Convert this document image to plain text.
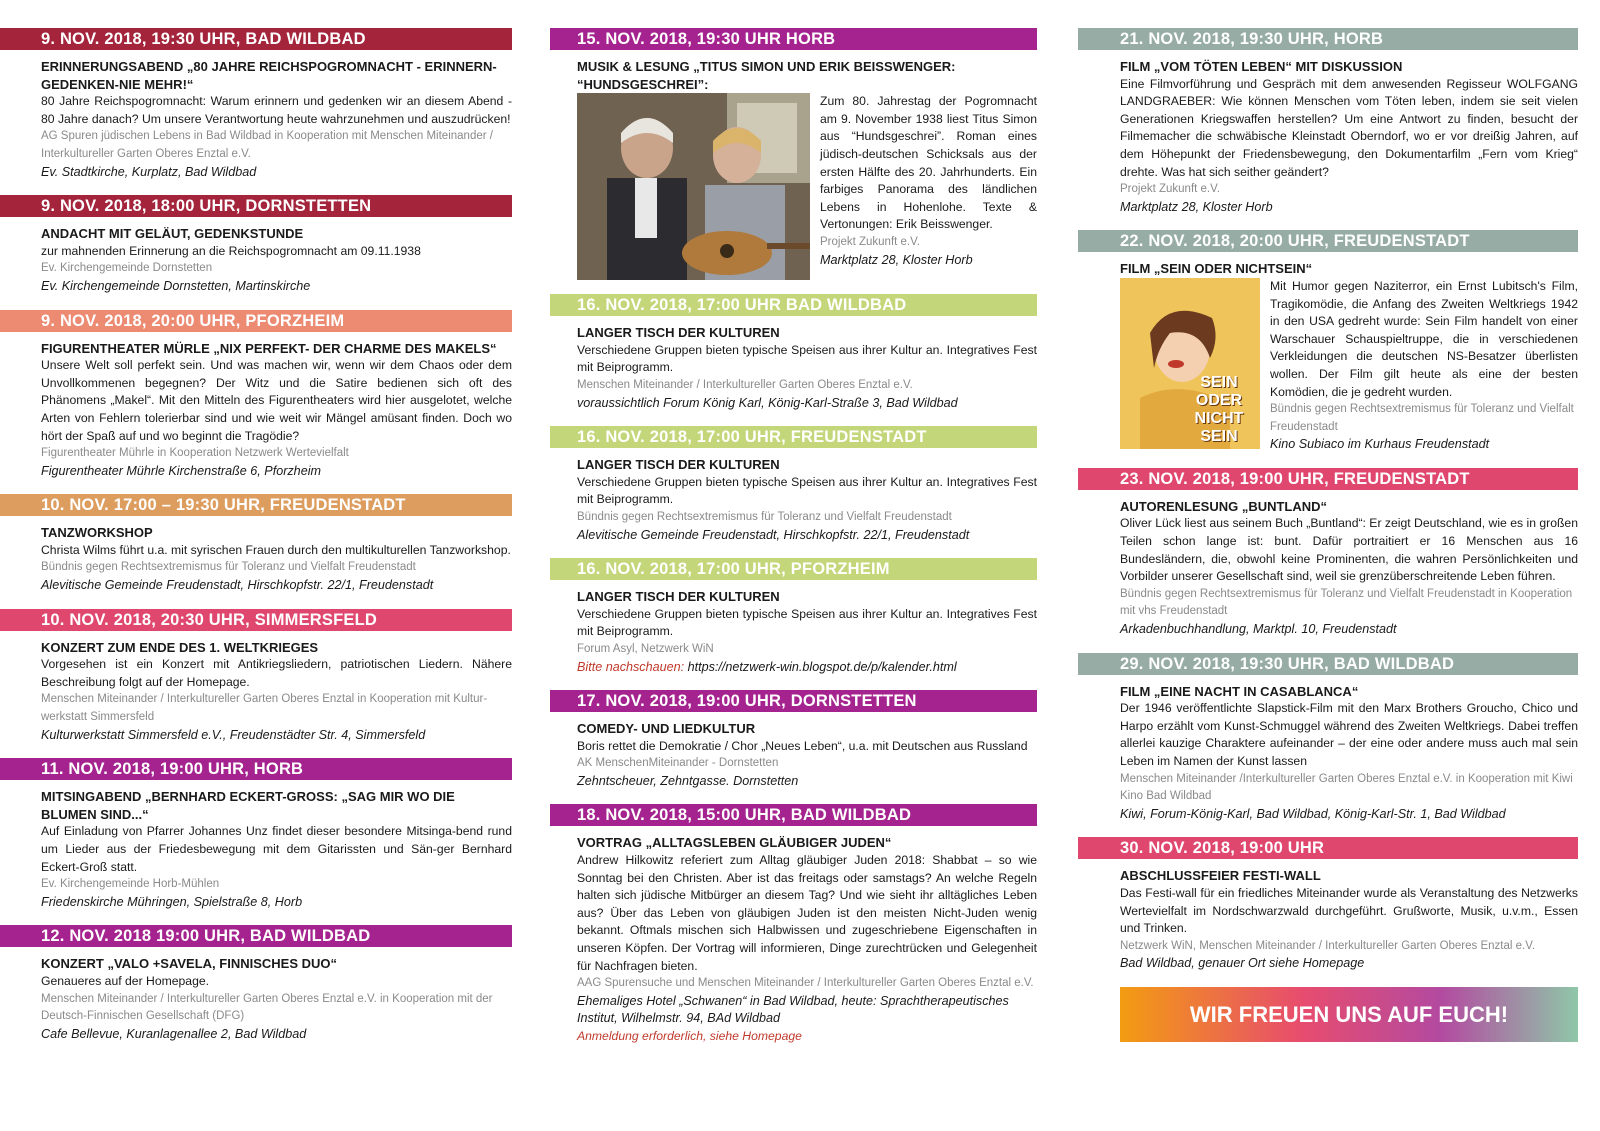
9. NOV. 2018, 19:30 UHR, BAD WILDBAD
ERINNERUNGSABEND „80 JAHRE REICHSPOGROMNACHT - ERINNERN-GEDENKEN-NIE MEHR!“
80 Jahre Reichspogromnacht: Warum erinnern und gedenken wir an diesem Abend - 80 Jahre danach? Um unsere Verantwortung heute wahrzunehmen und auszudrücken!
AG Spuren jüdischen Lebens in Bad Wildbad in Kooperation mit Menschen Miteinander / Interkultureller Garten Oberes Enztal e.V.
Ev. Stadtkirche, Kurplatz, Bad Wildbad
9. NOV. 2018, 18:00 UHR, DORNSTETTEN
ANDACHT MIT GELÄUT, GEDENKSTUNDE
zur mahnenden Erinnerung an die Reichspogromnacht am 09.11.1938
Ev. Kirchengemeinde Dornstetten
Ev. Kirchengemeinde Dornstetten, Martinskirche
9. NOV. 2018, 20:00 UHR, PFORZHEIM
FIGURENTHEATER MÜRLE „NIX PERFEKT- DER CHARME DES MAKELS“
Unsere Welt soll perfekt sein. Und was machen wir, wenn wir dem Chaos oder dem Unvollkommenen begegnen? Der Witz und die Satire bedienen sich oft des Phänomens „Makel“. Mit den Mitteln des Figurentheaters wird hier ausgelotet, welche Arten von Fehlern tolerierbar sind und wie weit wir Mängel amüsant finden. Doch wo hört der Spaß auf und wo beginnt die Tragödie?
Figurentheater Mührle in Kooperation Netzwerk Wertevielfalt
Figurentheater Mührle Kirchenstraße 6, Pforzheim
10. NOV. 17:00 – 19:30 UHR, FREUDENSTADT
TANZWORKSHOP
Christa Wilms führt u.a. mit syrischen Frauen durch den multikulturellen Tanzworkshop.
Bündnis gegen Rechtsextremismus für Toleranz und Vielfalt Freudenstadt
Alevitische Gemeinde Freudenstadt, Hirschkopfstr. 22/1, Freudenstadt
10. NOV. 2018, 20:30 UHR, SIMMERSFELD
KONZERT ZUM ENDE DES 1. WELTKRIEGES
Vorgesehen ist ein Konzert mit Antikriegsliedern, patriotischen Liedern. Nähere Beschreibung folgt auf der Homepage.
Menschen Miteinander / Interkultureller Garten Oberes Enztal in Kooperation mit Kultur-werkstatt Simmersfeld
Kulturwerkstatt Simmersfeld e.V., Freudenstädter Str. 4, Simmersfeld
11. NOV. 2018, 19:00 UHR, HORB
MITSINGABEND „BERNHARD ECKERT-GROSS: „SAG MIR WO DIE BLUMEN SIND...“
Auf Einladung von Pfarrer Johannes Unz findet dieser besondere Mitsinga-bend rund um Lieder aus der Friedesbewegung mit dem Gitarissten und Sän-ger Bernhard Eckert-Groß statt.
Ev. Kirchengemeinde Horb-Mühlen
Friedenskirche Mühringen, Spielstraße 8, Horb
12. NOV. 2018 19:00 UHR, BAD WILDBAD
KONZERT „VALO +SAVELA, FINNISCHES DUO“
Genaueres auf der Homepage.
Menschen Miteinander / Interkultureller Garten Oberes Enztal e.V. in Kooperation mit der Deutsch-Finnischen Gesellschaft (DFG)
Cafe Bellevue, Kuranlagenallee 2, Bad Wildbad
15. NOV. 2018, 19:30 UHR HORB
MUSIK & LESUNG „TITUS SIMON UND ERIK BEISSWENGER: “HUNDSGESCHREI”:
Zum 80. Jahrestag der Pogromnacht am 9. November 1938 liest Titus Simon aus “Hundsgeschrei”. Roman eines jüdisch-deutschen Schicksals aus der ersten Hälfte des 20. Jahrhunderts. Ein farbiges Panorama des ländlichen Lebens in Hohenlohe. Texte & Vertonungen: Erik Beisswenger.
Projekt Zukunft e.V.
Marktplatz 28, Kloster Horb
16. NOV. 2018, 17:00 UHR BAD WILDBAD
LANGER TISCH DER KULTUREN
Verschiedene Gruppen bieten typische Speisen aus ihrer Kultur an. Integratives Fest mit Beiprogramm.
Menschen Miteinander / Interkultureller Garten Oberes Enztal e.V.
voraussichtlich Forum König Karl, König-Karl-Straße 3, Bad Wildbad
16. NOV. 2018, 17:00 UHR, FREUDENSTADT
LANGER TISCH DER KULTUREN
Verschiedene Gruppen bieten typische Speisen aus ihrer Kultur an. Integratives Fest mit Beiprogramm.
Bündnis gegen Rechtsextremismus für Toleranz und Vielfalt Freudenstadt
Alevitische Gemeinde Freudenstadt, Hirschkopfstr. 22/1, Freudenstadt
16. NOV. 2018, 17:00 UHR, PFORZHEIM
LANGER TISCH DER KULTUREN
Verschiedene Gruppen bieten typische Speisen aus ihrer Kultur an. Integratives Fest mit Beiprogramm.
Forum Asyl, Netzwerk WiN
Bitte nachschauen: https://netzwerk-win.blogspot.de/p/kalender.html
17. NOV. 2018, 19:00 UHR, DORNSTETTEN
COMEDY- UND LIEDKULTUR
Boris rettet die Demokratie / Chor „Neues Leben“, u.a. mit Deutschen aus Russland
AK MenschenMiteinander - Dornstetten
Zehntscheuer, Zehntgasse. Dornstetten
18. NOV. 2018, 15:00 UHR, BAD WILDBAD
VORTRAG „ALLTAGSLEBEN GLÄUBIGER JUDEN“
Andrew Hilkowitz referiert zum Alltag gläubiger Juden 2018: Shabbat – so wie Sonntag bei den Christen. Aber ist das freitags oder samstags? An welche Regeln halten sich jüdische Mitbürger an diesem Tag? Und wie sieht ihr alltägliches Leben aus? Über das Leben von gläubigen Juden ist den meisten Nicht-Juden wenig bekannt. Oftmals mischen sich Halbwissen und zugeschriebene Eigenschaften in unseren Köpfen. Der Vortrag will informieren, Dinge zurechtrücken und Gelegenheit für Nachfragen bieten.
AAG Spurensuche und Menschen Miteinander / Interkultureller Garten Oberes Enztal e.V.
Ehemaliges Hotel „Schwanen“ in Bad Wildbad, heute: Sprachtherapeutisches Institut, Wilhelmstr. 94, BAd Wildbad
Anmeldung erforderlich, siehe Homepage
21. NOV. 2018, 19:30 UHR, HORB
FILM „VOM TÖTEN LEBEN“ MIT DISKUSSION
Eine Filmvorführung und Gespräch mit dem anwesenden Regisseur WOLFGANG LANDGRAEBER: Wie können Menschen vom Töten leben, indem sie seit vielen Generationen Kriegswaffen herstellen? Um eine Antwort zu finden, besucht der Filmemacher die schwäbische Kleinstadt Oberndorf, wo er vor dreißig Jahren, auf dem Höhepunkt der Friedensbewegung, den Dokumentarfilm „Fern vom Krieg“ drehte. Was hat sich seither geändert?
Projekt Zukunft e.V.
Marktplatz 28, Kloster Horb
22. NOV. 2018, 20:00 UHR, FREUDENSTADT
FILM „SEIN ODER NICHTSEIN“
SEIN ODER NICHT SEIN
Mit Humor gegen Naziterror, ein Ernst Lubitsch's Film, Tragikomödie, die Anfang des Zweiten Weltkriegs 1942 in den USA gedreht wurde: Sein Film handelt von einer Warschauer Schauspieltruppe, die in verschiedenen Verkleidungen die deutschen NS-Besatzer überlisten wollen. Der Film gilt heute als eine der besten Komödien, die je gedreht wurden.
Bündnis gegen Rechtsextremismus für Toleranz und Vielfalt Freudenstadt
Kino Subiaco im Kurhaus Freudenstadt
23. NOV. 2018, 19:00 UHR, FREUDENSTADT
AUTORENLESUNG „BUNTLAND“
Oliver Lück liest aus seinem Buch „Buntland“: Er zeigt Deutschland, wie es in großen Teilen schon lange ist: bunt. Dafür portraitiert er 16 Menschen aus 16 Bundesländern, die, obwohl keine Prominenten, die wahren Persönlichkeiten und Vorbilder unserer Gesellschaft sind, weil sie grenzüberschreitende Leben führen.
Bündnis gegen Rechtsextremismus für Toleranz und Vielfalt Freudenstadt in Kooperation mit vhs Freudenstadt
Arkadenbuchhandlung, Marktpl. 10, Freudenstadt
29. NOV. 2018, 19:30 UHR, BAD WILDBAD
FILM „EINE NACHT IN CASABLANCA“
Der 1946 veröffentlichte Slapstick-Film mit den Marx Brothers Groucho, Chico und Harpo erzählt vom Kunst-Schmuggel während des Zweiten Weltkriegs. Dabei treffen allerlei kauzige Charaktere aufeinander – der eine oder andere muss auch mal sein Leben im Namen der Kunst lassen
Menschen Miteinander /Interkultureller Garten Oberes Enztal e.V. in Kooperation mit Kiwi Kino Bad Wildbad
Kiwi, Forum-König-Karl, Bad Wildbad, König-Karl-Str. 1, Bad Wildbad
30. NOV. 2018, 19:00 UHR
ABSCHLUSSFEIER FESTI-WALL
Das Festi-wall für ein friedliches Miteinander wurde als Veranstaltung des Netzwerks Wertevielfalt im Nordschwarzwald durchgeführt. Grußworte, Musik, u.v.m., Essen und Trinken.
Netzwerk WiN, Menschen Miteinander / Interkultureller Garten Oberes Enztal e.V.
Bad Wildbad, genauer Ort siehe Homepage
WIR FREUEN UNS AUF EUCH!
